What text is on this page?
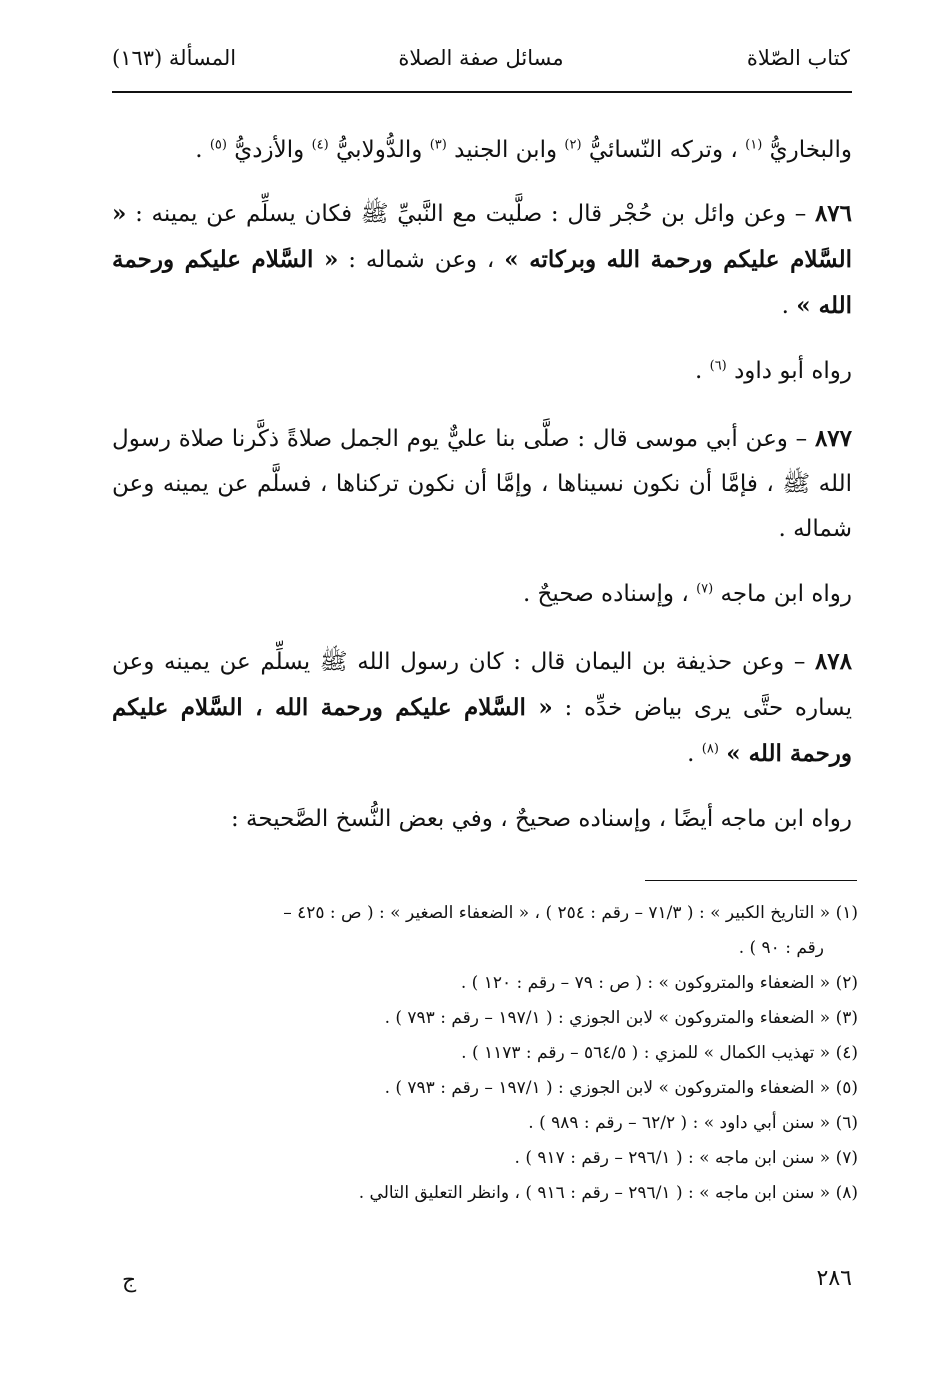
كتاب الصّلاة
مسائل صفة الصلاة
المسألة (١٦٣)

والبخاريُّ $^{(١)}$ ، وتركه النّسائيُّ $^{(٢)}$ وابن الجنيد $^{(٣)}$ والدُّولابيُّ $^{(٤)}$ والأزديُّ $^{(٥)}$ .

٨٧٦ – وعن وائل بن حُجْر قال : صلَّيت مع النَّبيِّ ﷺ فكان يسلِّم عن يمينه : « السَّلام عليكم ورحمة الله وبركاته » ، وعن شماله : « السَّلام عليكم ورحمة الله » .

رواه أبو داود $^{(٦)}$ .

٨٧٧ – وعن أبي موسى قال : صلَّى بنا عليٌّ يوم الجمل صلاةً ذكَّرنا صلاة رسول الله ﷺ ، فإمَّا أن نكون نسيناها ، وإمَّا أن نكون تركناها ، فسلَّم عن يمينه وعن شماله .

رواه ابن ماجه $^{(٧)}$ ، وإسناده صحيحٌ .

٨٧٨ – وعن حذيفة بن اليمان قال : كان رسول الله ﷺ يسلِّم عن يمينه وعن يساره حتَّى يرى بياض خدِّه : « السَّلام عليكم ورحمة الله ، السَّلام عليكم ورحمة الله » $^{(٨)}$ .

رواه ابن ماجه أيضًا ، وإسناده صحيحٌ ، وفي بعض النُّسخ الصَّحيحة :

(١) « التاريخ الكبير » : ( ٧١/٣ – رقم : ٢٥٤ ) ، « الضعفاء الصغير » : ( ص : ٤٢٥ –
رقم : ٩٠ ) .

(٢) « الضعفاء والمتروكون » : ( ص : ٧٩ – رقم : ١٢٠ ) .

(٣) « الضعفاء والمتروكون » لابن الجوزي : ( ١٩٧/١ – رقم : ٧٩٣ ) .

(٤) « تهذيب الكمال » للمزي : ( ٥٦٤/٥ – رقم : ١١٧٣ ) .

(٥) « الضعفاء والمتروكون » لابن الجوزي : ( ١٩٧/١ – رقم : ٧٩٣ ) .

(٦) « سنن أبي داود » : ( ٦٢/٢ – رقم : ٩٨٩ ) .

(٧) « سنن ابن ماجه » : ( ٢٩٦/١ – رقم : ٩١٧ ) .

(٨) « سنن ابن ماجه » : ( ٢٩٦/١ – رقم : ٩١٦ ) ، وانظر التعليق التالي .

٢٨٦
ج
